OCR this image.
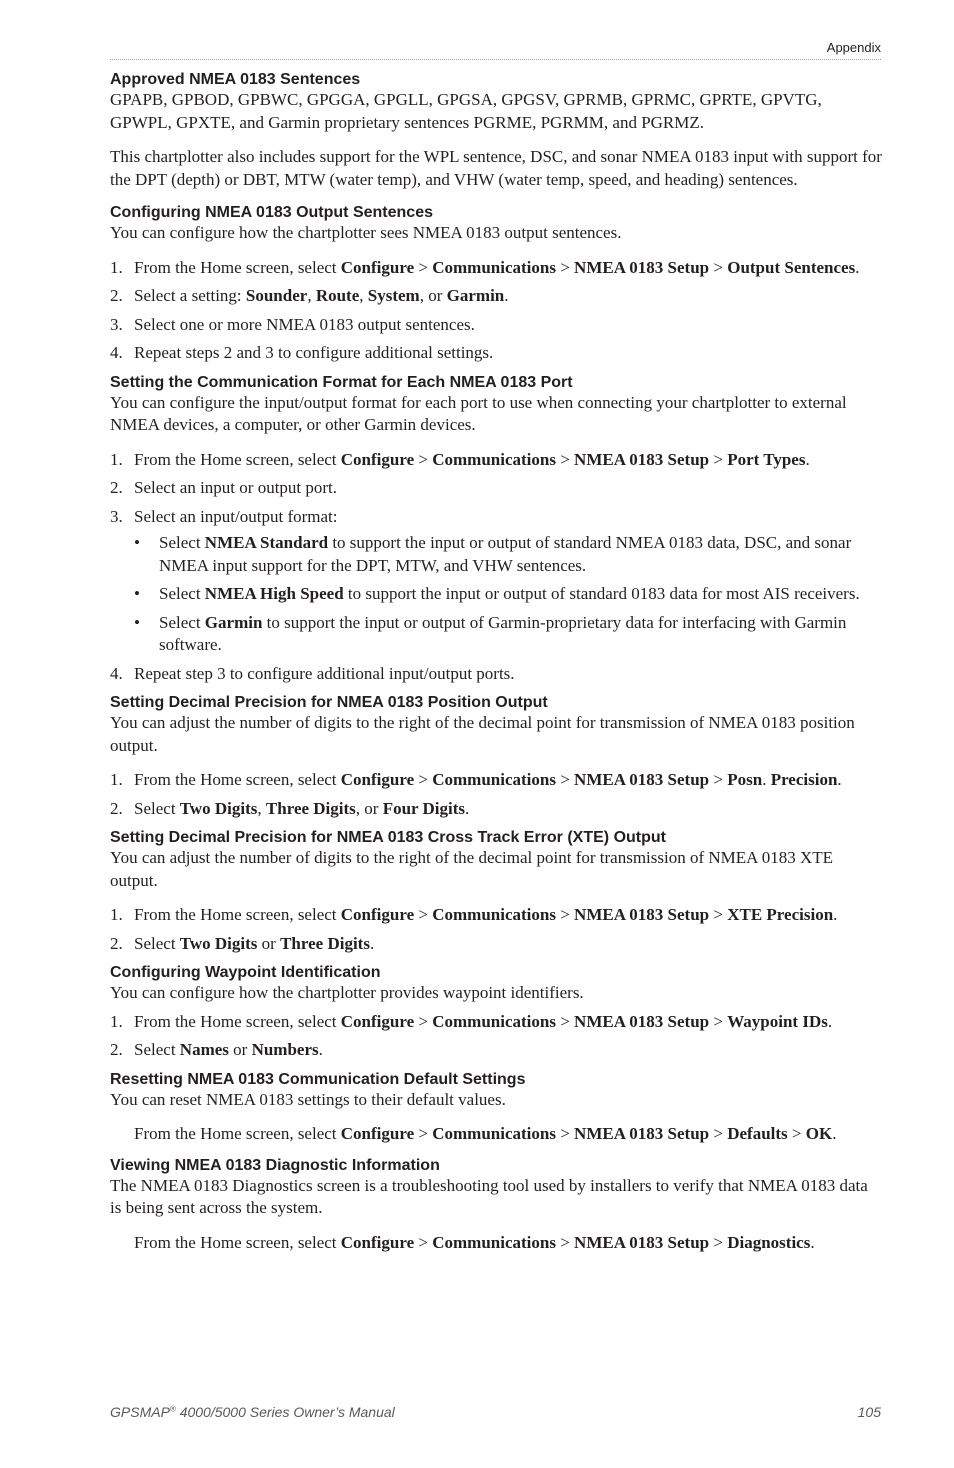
Appendix
Approved NMEA 0183 Sentences

GPAPB, GPBOD, GPBWC, GPGGA, GPGLL, GPGSA, GPGSV, GPRMB, GPRMC, GPRTE, GPVTG, GPWPL, GPXTE, and Garmin proprietary sentences PGRME, PGRMM, and PGRMZ.

This chartplotter also includes support for the WPL sentence, DSC, and sonar NMEA 0183 input with support for the DPT (depth) or DBT, MTW (water temp), and VHW (water temp, speed, and heading) sentences.

Configuring NMEA 0183 Output Sentences

You can configure how the chartplotter sees NMEA 0183 output sentences.

1. From the Home screen, select Configure > Communications > NMEA 0183 Setup > Output Sentences.
2. Select a setting: Sounder, Route, System, or Garmin.
3. Select one or more NMEA 0183 output sentences.
4. Repeat steps 2 and 3 to configure additional settings.
Setting the Communication Format for Each NMEA 0183 Port

You can configure the input/output format for each port to use when connecting your chartplotter to external NMEA devices, a computer, or other Garmin devices.

1. From the Home screen, select Configure > Communications > NMEA 0183 Setup > Port Types.
2. Select an input or output port.
3. Select an input/output format:
• Select NMEA Standard to support the input or output of standard NMEA 0183 data, DSC, and sonar NMEA input support for the DPT, MTW, and VHW sentences.
• Select NMEA High Speed to support the input or output of standard 0183 data for most AIS receivers.
• Select Garmin to support the input or output of Garmin-proprietary data for interfacing with Garmin software.
4. Repeat step 3 to configure additional input/output ports.
Setting Decimal Precision for NMEA 0183 Position Output

You can adjust the number of digits to the right of the decimal point for transmission of NMEA 0183 position output.

1. From the Home screen, select Configure > Communications > NMEA 0183 Setup > Posn. Precision.
2. Select Two Digits, Three Digits, or Four Digits.
Setting Decimal Precision for NMEA 0183 Cross Track Error (XTE) Output

You can adjust the number of digits to the right of the decimal point for transmission of NMEA 0183 XTE output.

1. From the Home screen, select Configure > Communications > NMEA 0183 Setup > XTE Precision.
2. Select Two Digits or Three Digits.
Configuring Waypoint Identification

You can configure how the chartplotter provides waypoint identifiers.

1. From the Home screen, select Configure > Communications > NMEA 0183 Setup > Waypoint IDs.
2. Select Names or Numbers.
Resetting NMEA 0183 Communication Default Settings

You can reset NMEA 0183 settings to their default values.

From the Home screen, select Configure > Communications > NMEA 0183 Setup > Defaults > OK.
Viewing NMEA 0183 Diagnostic Information

The NMEA 0183 Diagnostics screen is a troubleshooting tool used by installers to verify that NMEA 0183 data is being sent across the system.

From the Home screen, select Configure > Communications > NMEA 0183 Setup > Diagnostics.
GPSMAP® 4000/5000 Series Owner’s Manual	105
